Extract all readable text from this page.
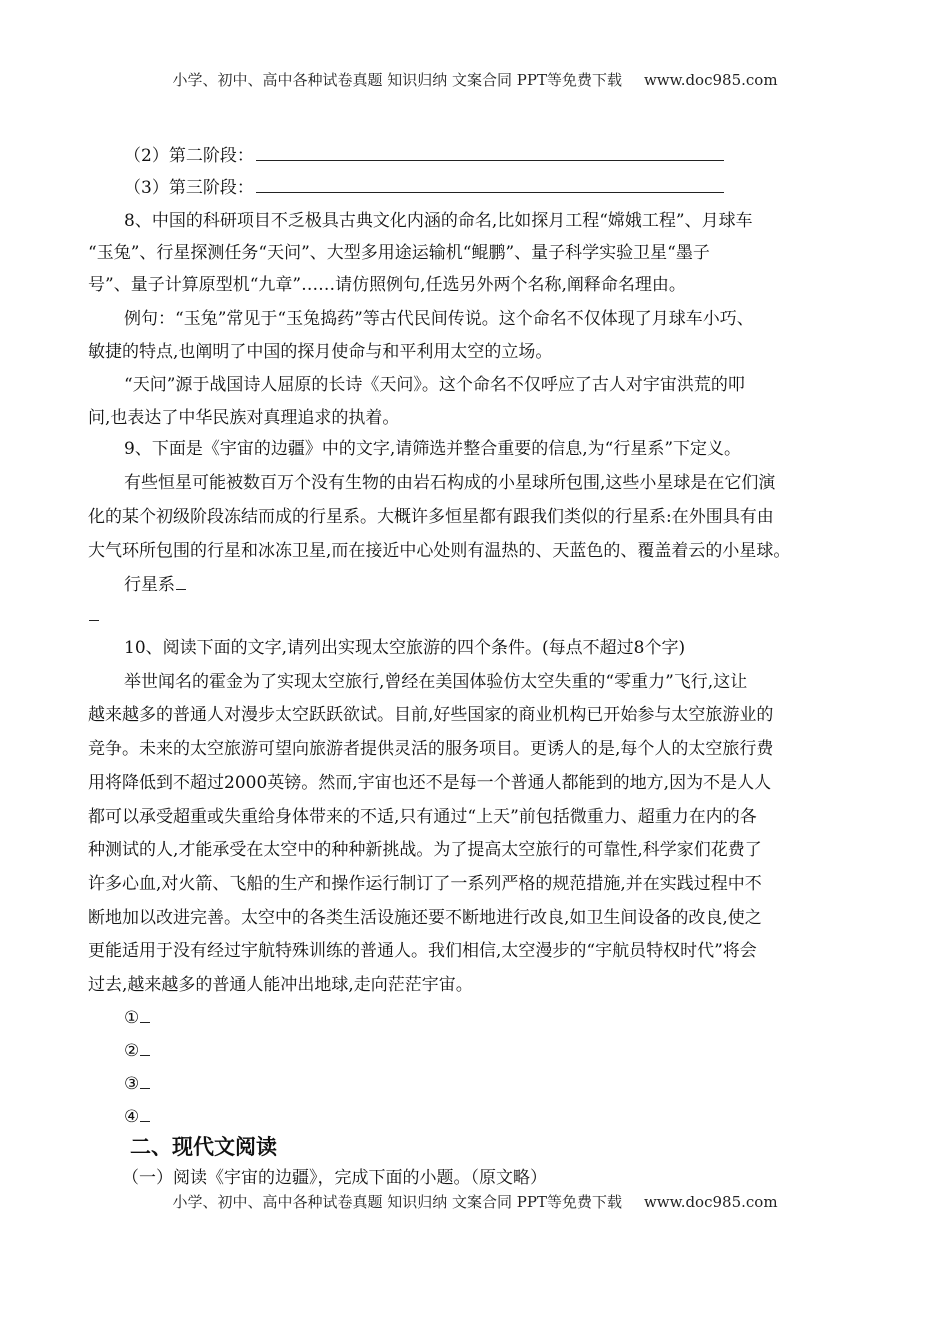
小学、初中、高中各种试卷真题 知识归纳 文案合同 PPT等免费下载 www.doc985.com
（2）第二阶段：
（3）第三阶段：
8、中国的科研项目不乏极具古典文化内涵的命名,比如探月工程“嫦娥工程”、月球车
“玉兔”、行星探测任务“天问”、大型多用途运输机“鲲鹏”、量子科学实验卫星“墨子
号”、量子计算原型机“九章”……请仿照例句,任选另外两个名称,阐释命名理由。
例句：“玉兔”常见于“玉兔捣药”等古代民间传说。这个命名不仅体现了月球车小巧、
敏捷的特点,也阐明了中国的探月使命与和平利用太空的立场。
“天问”源于战国诗人屈原的长诗《天问》。这个命名不仅呼应了古人对宇宙洪荒的叩
问,也表达了中华民族对真理追求的执着。
9、下面是《宇宙的边疆》中的文字,请筛选并整合重要的信息,为“行星系”下定义。
有些恒星可能被数百万个没有生物的由岩石构成的小星球所包围,这些小星球是在它们演
化的某个初级阶段冻结而成的行星系。大概许多恒星都有跟我们类似的行星系:在外围具有由
大气环所包围的行星和冰冻卫星,而在接近中心处则有温热的、天蓝色的、覆盖着云的小星球。
行星系
10、阅读下面的文字,请列出实现太空旅游的四个条件。(每点不超过8个字)
举世闻名的霍金为了实现太空旅行,曾经在美国体验仿太空失重的“零重力”飞行,这让
越来越多的普通人对漫步太空跃跃欲试。目前,好些国家的商业机构已开始参与太空旅游业的
竞争。未来的太空旅游可望向旅游者提供灵活的服务项目。更诱人的是,每个人的太空旅行费
用将降低到不超过2000英镑。然而,宇宙也还不是每一个普通人都能到的地方,因为不是人人
都可以承受超重或失重给身体带来的不适,只有通过“上天”前包括微重力、超重力在内的各
种测试的人,才能承受在太空中的种种新挑战。为了提高太空旅行的可靠性,科学家们花费了
许多心血,对火箭、飞船的生产和操作运行制订了一系列严格的规范措施,并在实践过程中不
断地加以改进完善。太空中的各类生活设施还要不断地进行改良,如卫生间设备的改良,使之
更能适用于没有经过宇航特殊训练的普通人。我们相信,太空漫步的“宇航员特权时代”将会
过去,越来越多的普通人能冲出地球,走向茫茫宇宙。
①
②
③
④
二、现代文阅读
（一）阅读《宇宙的边疆》，完成下面的小题。（原文略）
小学、初中、高中各种试卷真题 知识归纳 文案合同 PPT等免费下载 www.doc985.com
